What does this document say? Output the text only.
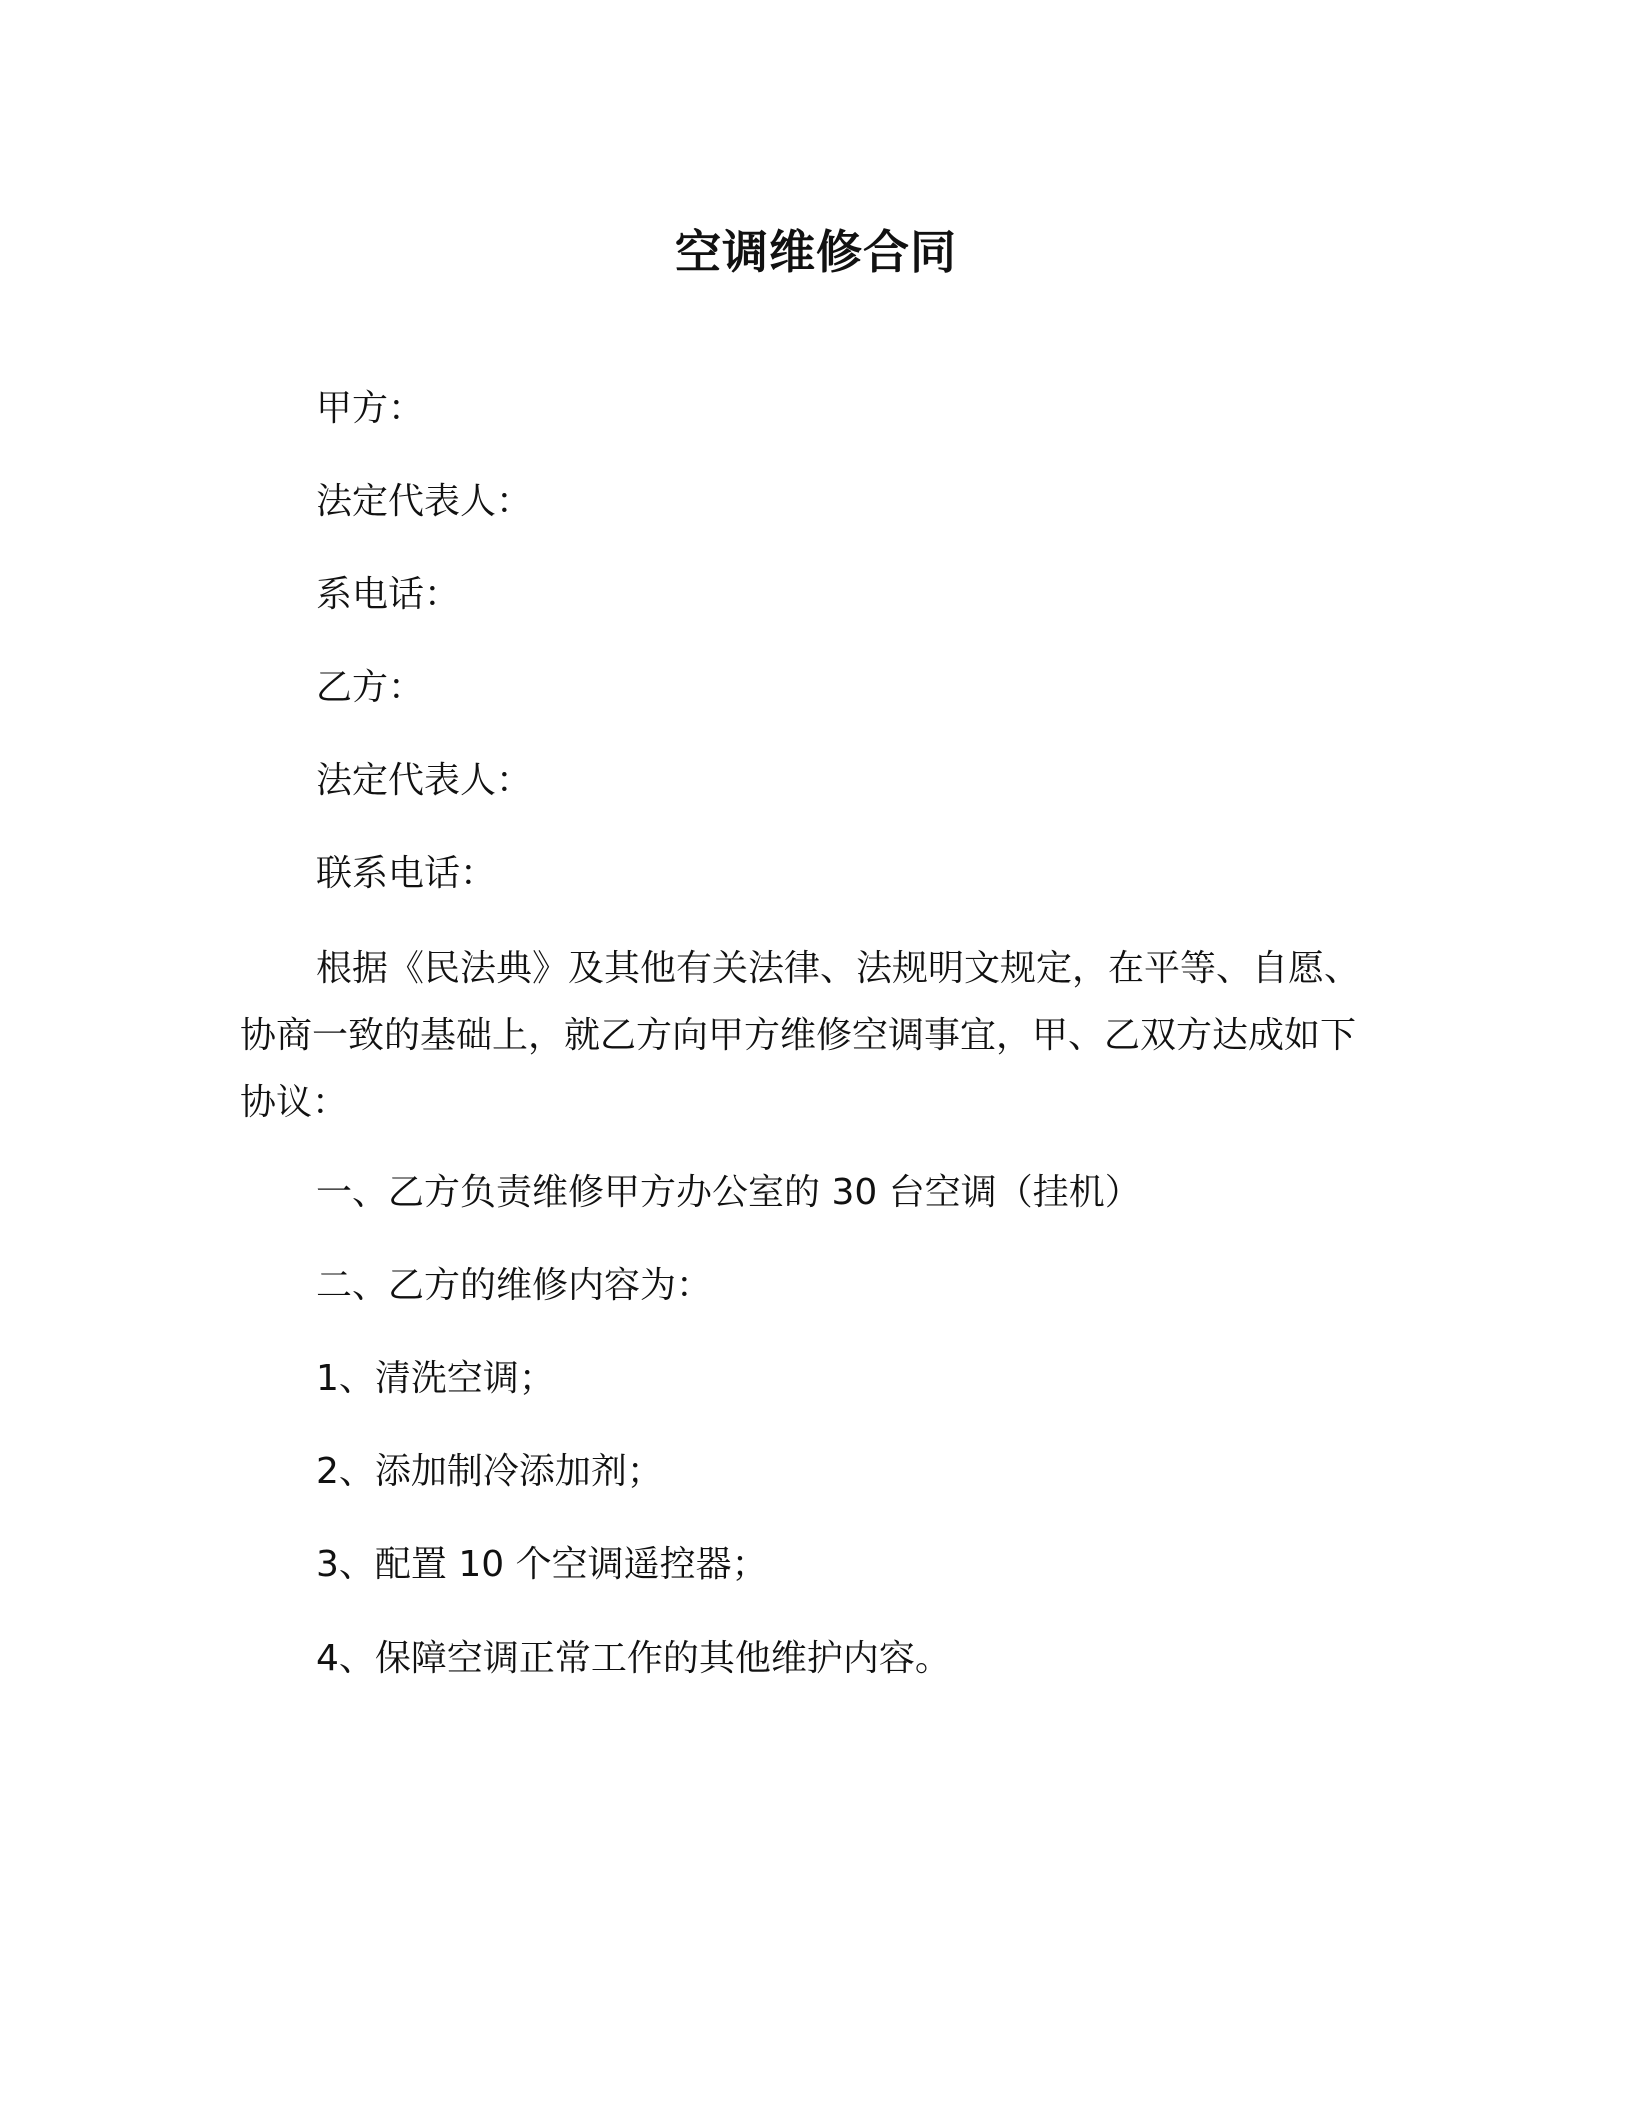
空调维修合同
甲方：
法定代表人：
系电话：
乙方：
法定代表人：
联系电话：
根据《民法典》及其他有关法律、法规明文规定，在平等、自愿、协商一致的基础上，就乙方向甲方维修空调事宜，甲、乙双方达成如下协议：
一、乙方负责维修甲方办公室的 30 台空调（挂机）
二、乙方的维修内容为：
1、清洗空调；
2、添加制冷添加剂；
3、配置 10 个空调遥控器；
4、保障空调正常工作的其他维护内容。
